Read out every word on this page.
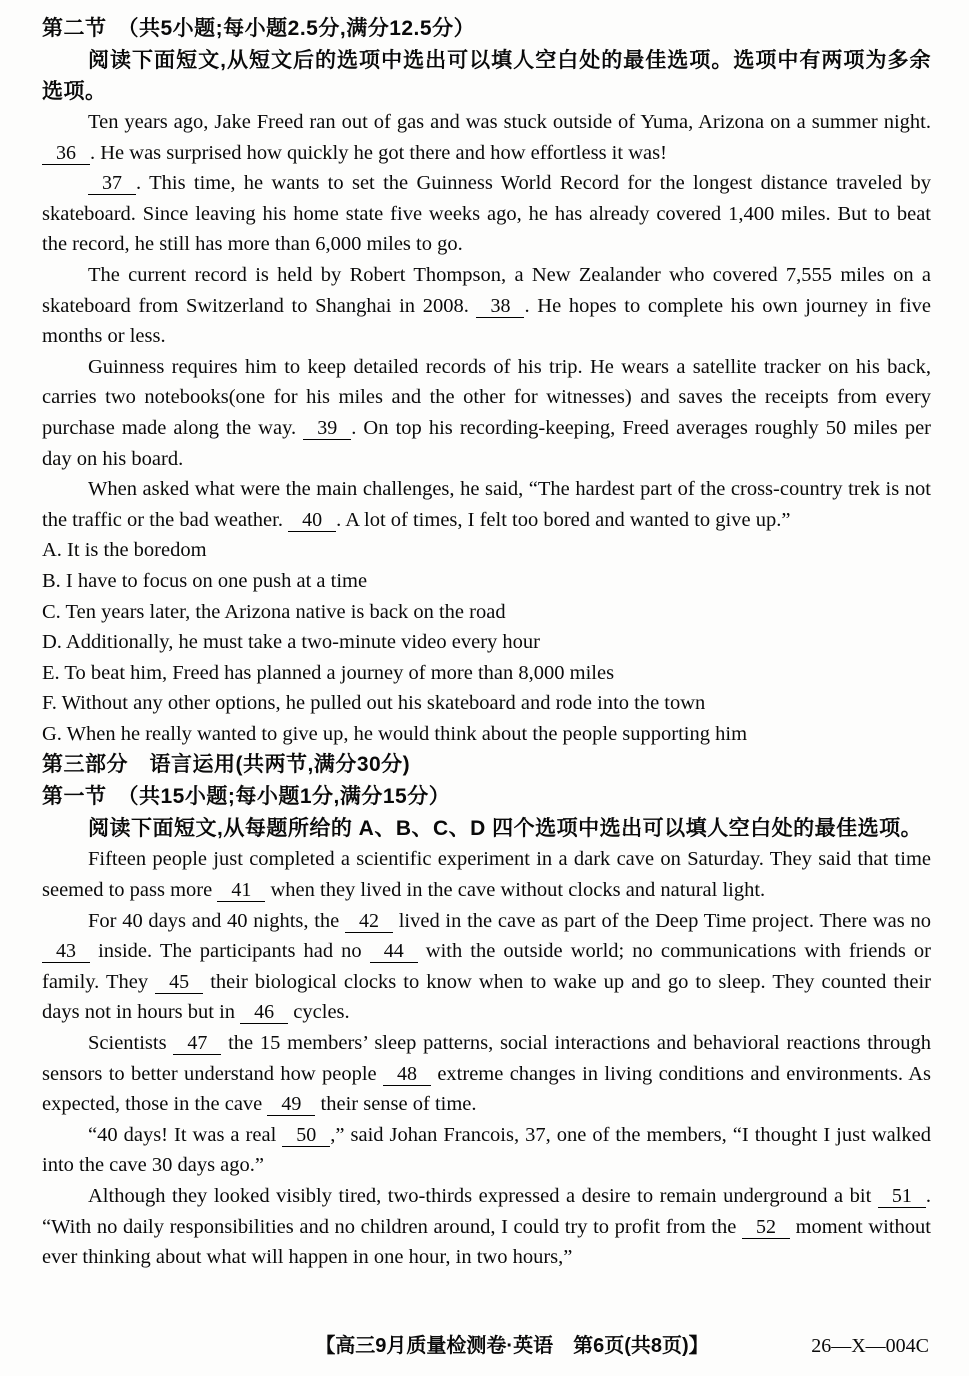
第二节　（共5小题;每小题2.5分,满分12.5分）
阅读下面短文,从短文后的选项中选出可以填人空白处的最佳选项。选项中有两项为多余选项。

Ten years ago, Jake Freed ran out of gas and was stuck outside of Yuma, Arizona on a summer night. 36 . He was surprised how quickly he got there and how effortless it was!

37 . This time, he wants to set the Guinness World Record for the longest distance traveled by skateboard. Since leaving his home state five weeks ago, he has already covered 1,400 miles. But to beat the record, he still has more than 6,000 miles to go.

The current record is held by Robert Thompson, a New Zealander who covered 7,555 miles on a skateboard from Switzerland to Shanghai in 2008. 38 . He hopes to complete his own journey in five months or less.

Guinness requires him to keep detailed records of his trip. He wears a satellite tracker on his back, carries two notebooks(one for his miles and the other for witnesses) and saves the receipts from every purchase made along the way. 39 . On top his recording-keeping, Freed averages roughly 50 miles per day on his board.

When asked what were the main challenges, he said, “The hardest part of the cross-country trek is not the traffic or the bad weather. 40 . A lot of times, I felt too bored and wanted to give up.”

A. It is the boredom

B. I have to focus on one push at a time

C. Ten years later, the Arizona native is back on the road

D. Additionally, he must take a two-minute video every hour

E. To beat him, Freed has planned a journey of more than 8,000 miles

F. Without any other options, he pulled out his skateboard and rode into the town

G. When he really wanted to give up, he would think about the people supporting him

第三部分　语言运用(共两节,满分30分)
第一节　（共15小题;每小题1分,满分15分）
阅读下面短文,从每题所给的 A、B、C、D 四个选项中选出可以填人空白处的最佳选项。

Fifteen people just completed a scientific experiment in a dark cave on Saturday. They said that time seemed to pass more 41 when they lived in the cave without clocks and natural light.

For 40 days and 40 nights, the 42 lived in the cave as part of the Deep Time project. There was no 43 inside. The participants had no 44 with the outside world; no communications with friends or family. They 45 their biological clocks to know when to wake up and go to sleep. They counted their days not in hours but in 46 cycles.

Scientists 47 the 15 members’ sleep patterns, social interactions and behavioral reactions through sensors to better understand how people 48 extreme changes in living conditions and environments. As expected, those in the cave 49 their sense of time.

“40 days! It was a real 50 ,” said Johan Francois, 37, one of the members, “I thought I just walked into the cave 30 days ago.”

Although they looked visibly tired, two-thirds expressed a desire to remain underground a bit 51 . “With no daily responsibilities and no children around, I could try to profit from the 52 moment without ever thinking about what will happen in one hour, in two hours,”

【高三9月质量检测卷·英语　第6页(共8页)】	26—X—004C
